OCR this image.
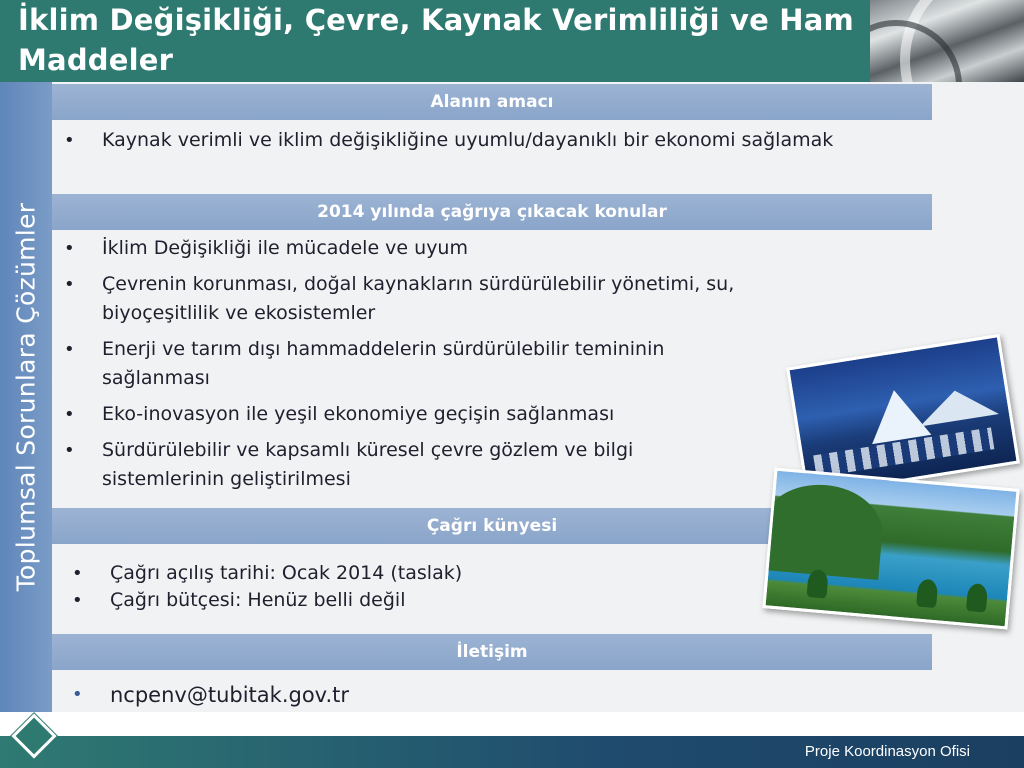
İklim Değişikliği, Çevre, Kaynak Verimliliği ve Ham Maddeler
Toplumsal Sorunlara Çözümler
Alanın amacı
• Kaynak verimli ve iklim değişikliğine uyumlu/dayanıklı bir ekonomi sağlamak
2014 yılında çağrıya çıkacak konular
• İklim Değişikliği ile mücadele ve uyum
• Çevrenin korunması, doğal kaynakların sürdürülebilir yönetimi, su, biyoçeşitlilik ve ekosistemler
• Enerji ve tarım dışı hammaddelerin sürdürülebilir temininin sağlanması
• Eko-inovasyon ile yeşil ekonomiye geçişin sağlanması
• Sürdürülebilir ve kapsamlı küresel çevre gözlem ve bilgi sistemlerinin geliştirilmesi
Çağrı künyesi
• Çağrı açılış tarihi: Ocak 2014 (taslak)
• Çağrı bütçesi: Henüz belli değil
İletişim
• ncpenv@tubitak.gov.tr
Proje Koordinasyon Ofisi
